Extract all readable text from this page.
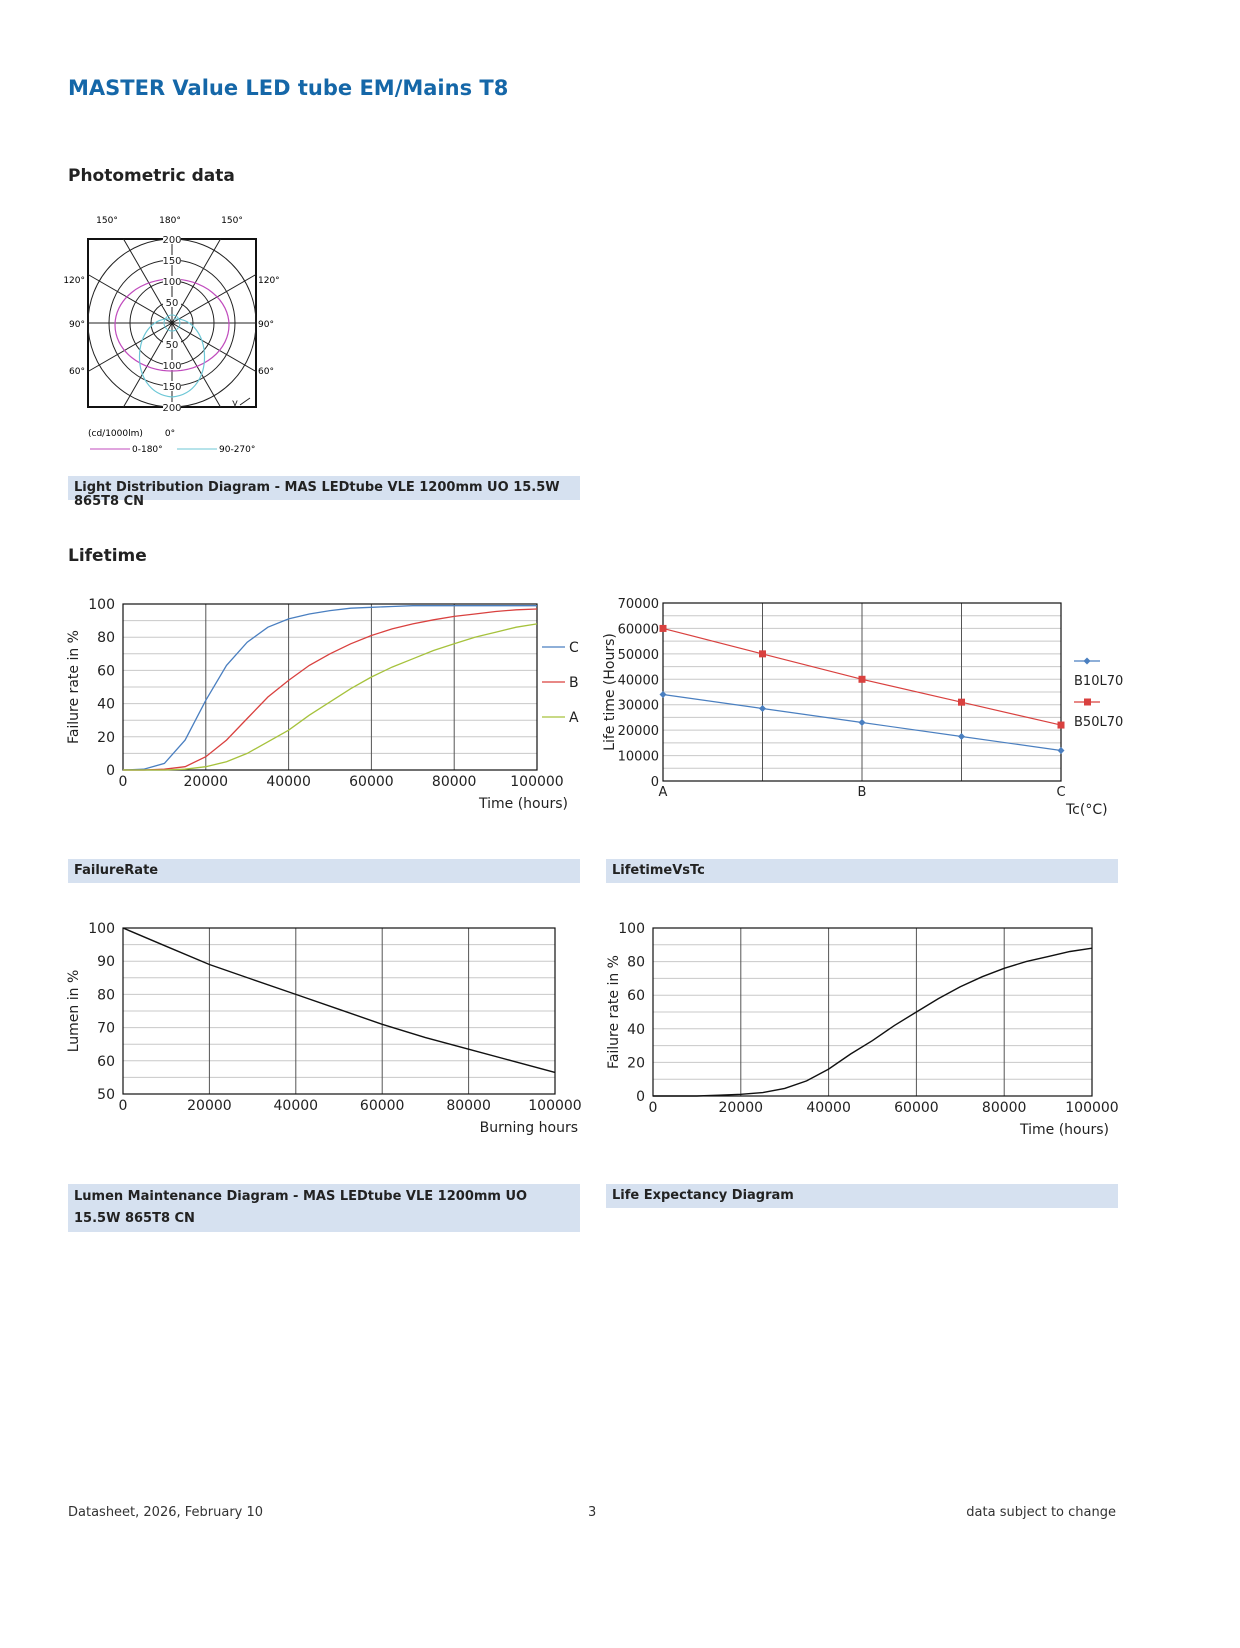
MASTER Value LED tube EM/Mains T8
Photometric data
50
50
100
100
150
150
200
200
150°	180°	150°
120°	120°
90°	90°
60°	60°
γ
(cd/1000lm) 0°
0-180°	90-270°
Light Distribution Diagram - MAS LEDtube VLE 1200mm UO 15.5W 865T8 CN
Lifetime
0
20
40
60
80
100
0	20000	40000	60000	80000 100000
Time (hours)
Failure rate in %	C
B
A
0
10000
20000
30000
40000
50000
60000
70000
A	B	C
Tc(°C)
Life time (Hours)	B10L70
B50L70
FailureRate	LifetimeVsTc
50
60
70
80
90
100
0	20000	40000	60000	80000	100000
Burning hours
Lumen in %
0
20
40
60
80
100
0	20000	40000	60000	80000	100000
Time (hours)
Failure rate in %
Lumen Maintenance Diagram - MAS LEDtube VLE 1200mm UO 15.5W 865T8 CN
Life Expectancy Diagram
Datasheet, 2026, February 10	3	data subject to change
